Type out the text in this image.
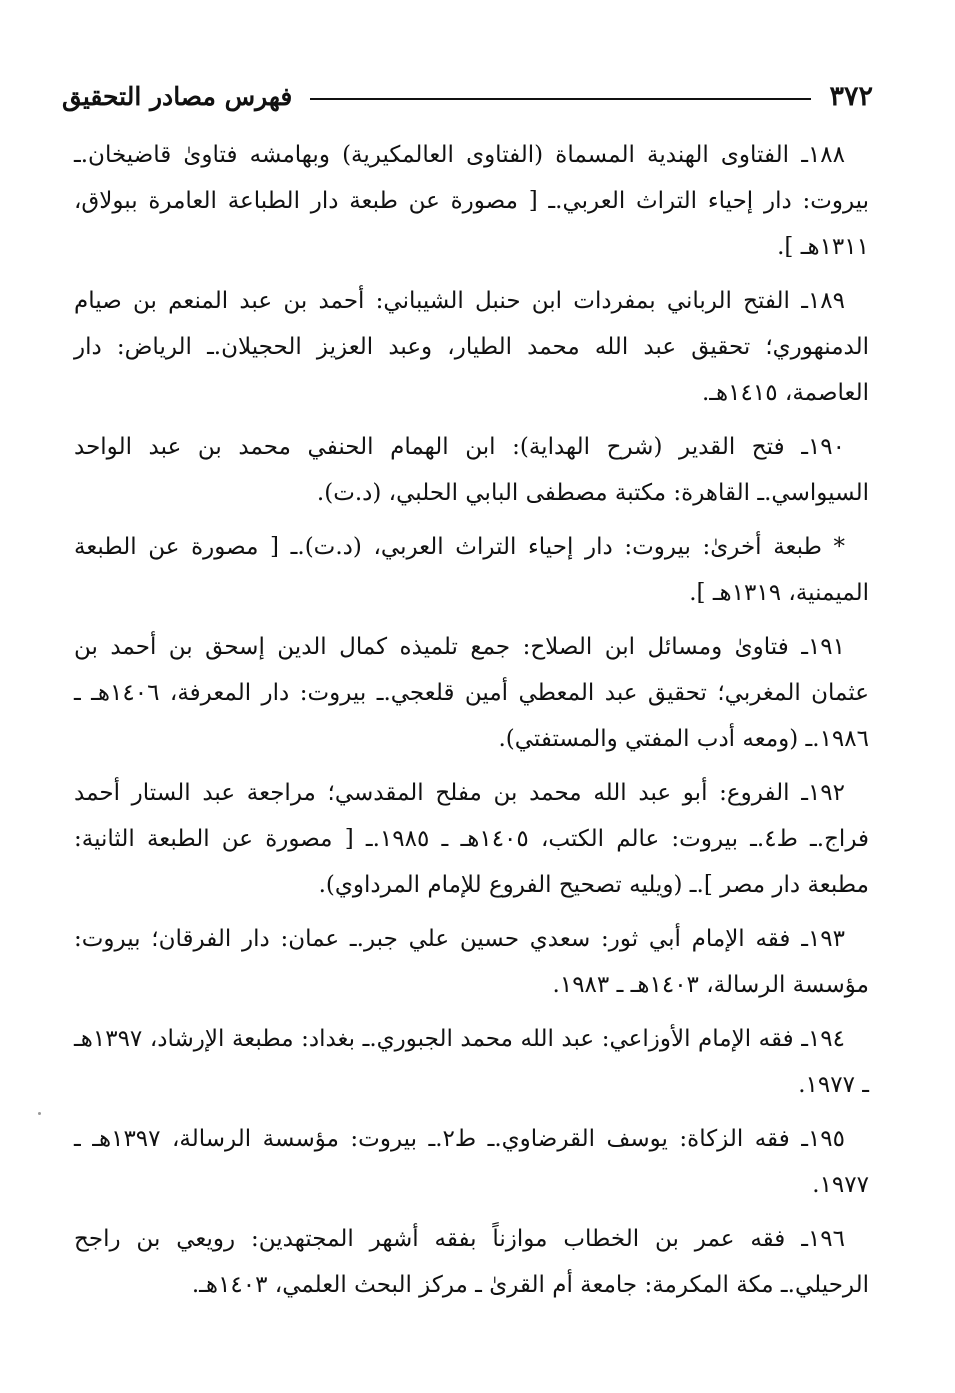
٣٧٢
فهرس مصادر التحقيق

١٨٨ـ الفتاوى الهندية المسماة (الفتاوى العالمكيرية) وبهامشه فتاوىٰ قاضيخان.ـ بيروت: دار إحياء التراث العربي.ـ [ مصورة عن طبعة دار الطباعة العامرة ببولاق، ١٣١١هـ ].

١٨٩ـ الفتح الرباني بمفردات ابن حنبل الشيباني: أحمد بن عبد المنعم بن صيام الدمنهوري؛ تحقيق عبد الله محمد الطيار، وعبد العزيز الحجيلان.ـ الرياض: دار العاصمة، ١٤١٥هـ.

١٩٠ـ فتح القدير (شرح الهداية): ابن الهمام الحنفي محمد بن عبد الواحد السيواسي.ـ القاهرة: مكتبة مصطفى البابي الحلبي، (د.ت).

* طبعة أخرىٰ: بيروت: دار إحياء التراث العربي، (د.ت).ـ [ مصورة عن الطبعة الميمنية، ١٣١٩هـ ].

١٩١ـ فتاوىٰ ومسائل ابن الصلاح: جمع تلميذه كمال الدين إسحق بن أحمد بن عثمان المغربي؛ تحقيق عبد المعطي أمين قلعجي.ـ بيروت: دار المعرفة، ١٤٠٦هـ ـ ١٩٨٦.ـ (ومعه أدب المفتي والمستفتي).

١٩٢ـ الفروع: أبو عبد الله محمد بن مفلح المقدسي؛ مراجعة عبد الستار أحمد فراج.ـ ط٤.ـ بيروت: عالم الكتب، ١٤٠٥هـ ـ ١٩٨٥.ـ [ مصورة عن الطبعة الثانية: مطبعة دار مصر ].ـ (ويليه تصحيح الفروع للإمام المرداوي).

١٩٣ـ فقه الإمام أبي ثور: سعدي حسين علي جبر.ـ عمان: دار الفرقان؛ بيروت: مؤسسة الرسالة، ١٤٠٣هـ ـ ١٩٨٣.

١٩٤ـ فقه الإمام الأوزاعي: عبد الله محمد الجبوري.ـ بغداد: مطبعة الإرشاد، ١٣٩٧هـ ـ ١٩٧٧.

١٩٥ـ فقه الزكاة: يوسف القرضاوي.ـ ط٢.ـ بيروت: مؤسسة الرسالة، ١٣٩٧هـ ـ ١٩٧٧.

١٩٦ـ فقه عمر بن الخطاب موازناً بفقه أشهر المجتهدين: رويعي بن راجح الرحيلي.ـ مكة المكرمة: جامعة أم القرىٰ ـ مركز البحث العلمي، ١٤٠٣هـ.
